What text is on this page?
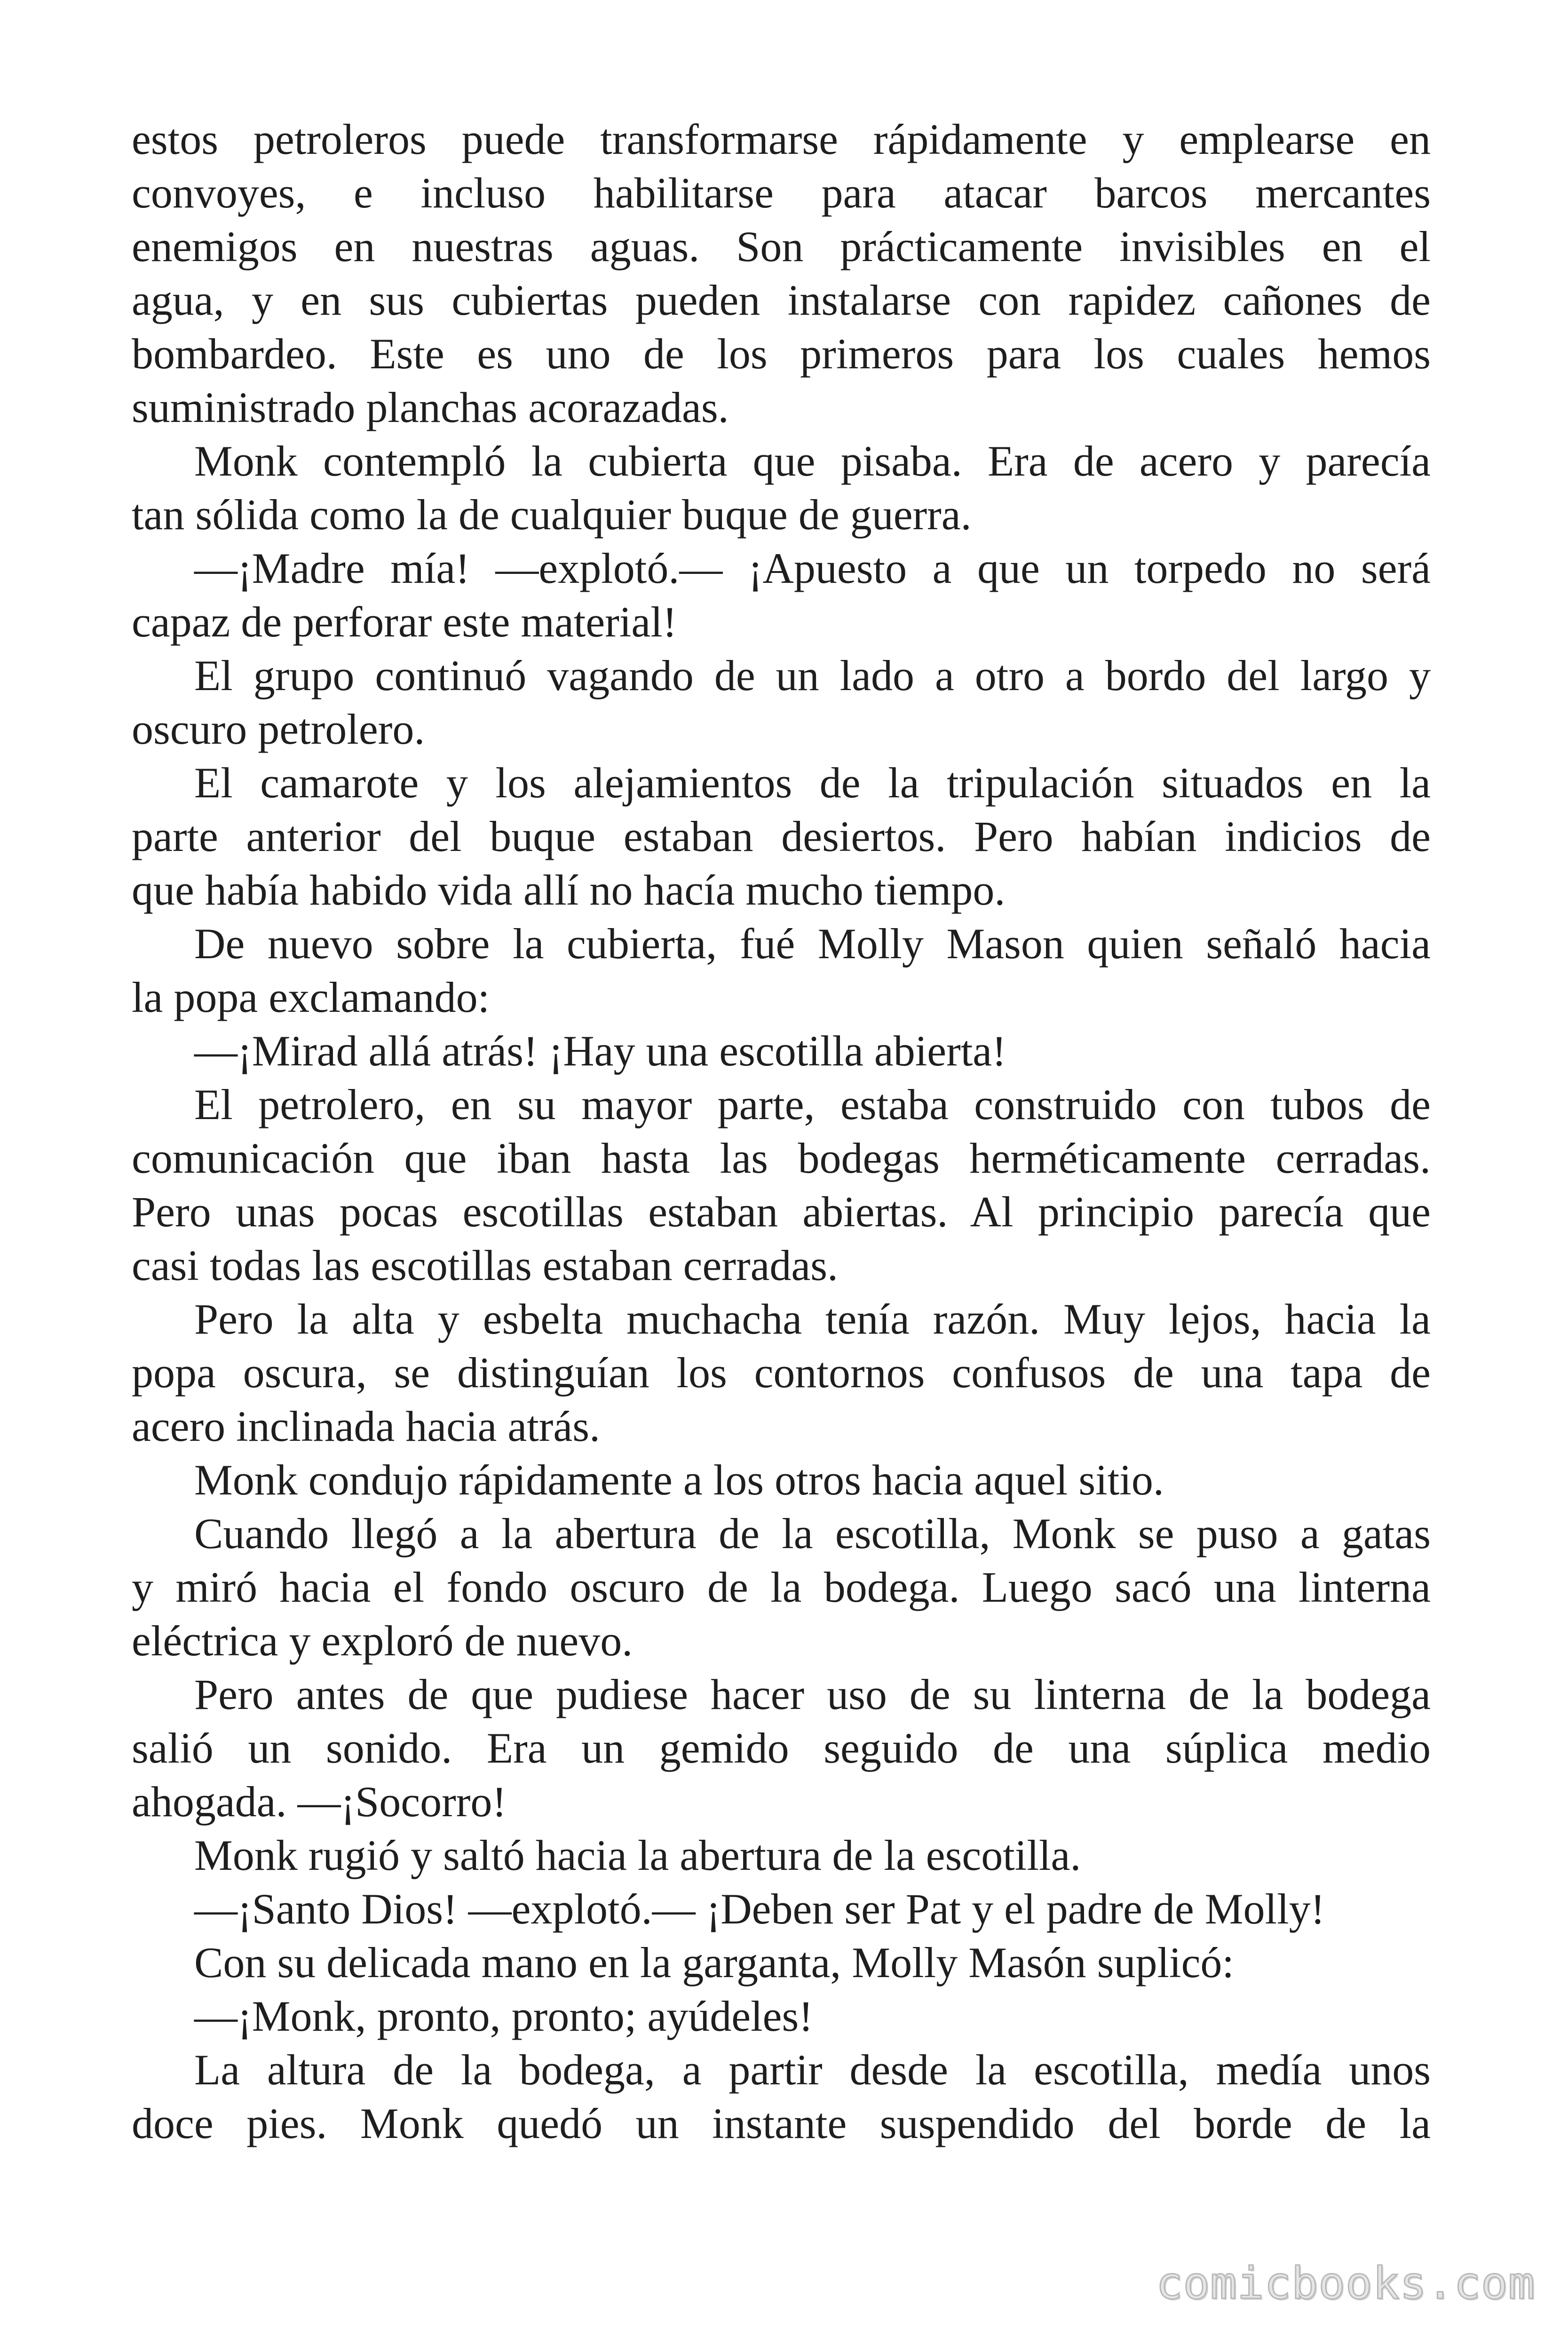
estos petroleros puede transformarse rápidamente y emplearse en
convoyes, e incluso habilitarse para atacar barcos mercantes
enemigos en nuestras aguas. Son prácticamente invisibles en el
agua, y en sus cubiertas pueden instalarse con rapidez cañones de
bombardeo. Este es uno de los primeros para los cuales hemos
suministrado planchas acorazadas.

Monk contempló la cubierta que pisaba. Era de acero y parecía
tan sólida como la de cualquier buque de guerra.

—¡Madre mía! —explotó.— ¡Apuesto a que un torpedo no será
capaz de perforar este material!

El grupo continuó vagando de un lado a otro a bordo del largo y
oscuro petrolero.

El camarote y los alejamientos de la tripulación situados en la
parte anterior del buque estaban desiertos. Pero habían indicios de
que había habido vida allí no hacía mucho tiempo.

De nuevo sobre la cubierta, fué Molly Mason quien señaló hacia
la popa exclamando:

—¡Mirad allá atrás! ¡Hay una escotilla abierta!

El petrolero, en su mayor parte, estaba construido con tubos de
comunicación que iban hasta las bodegas herméticamente cerradas.
Pero unas pocas escotillas estaban abiertas. Al principio parecía que
casi todas las escotillas estaban cerradas.

Pero la alta y esbelta muchacha tenía razón. Muy lejos, hacia la
popa oscura, se distinguían los contornos confusos de una tapa de
acero inclinada hacia atrás.

Monk condujo rápidamente a los otros hacia aquel sitio.

Cuando llegó a la abertura de la escotilla, Monk se puso a gatas
y miró hacia el fondo oscuro de la bodega. Luego sacó una linterna
eléctrica y exploró de nuevo.

Pero antes de que pudiese hacer uso de su linterna de la bodega
salió un sonido. Era un gemido seguido de una súplica medio
ahogada. —¡Socorro!

Monk rugió y saltó hacia la abertura de la escotilla.

—¡Santo Dios! —explotó.— ¡Deben ser Pat y el padre de Molly!

Con su delicada mano en la garganta, Molly Masón suplicó:

—¡Monk, pronto, pronto; ayúdeles!

La altura de la bodega, a partir desde la escotilla, medía unos
doce pies. Monk quedó un instante suspendido del borde de la

comicbooks.com
